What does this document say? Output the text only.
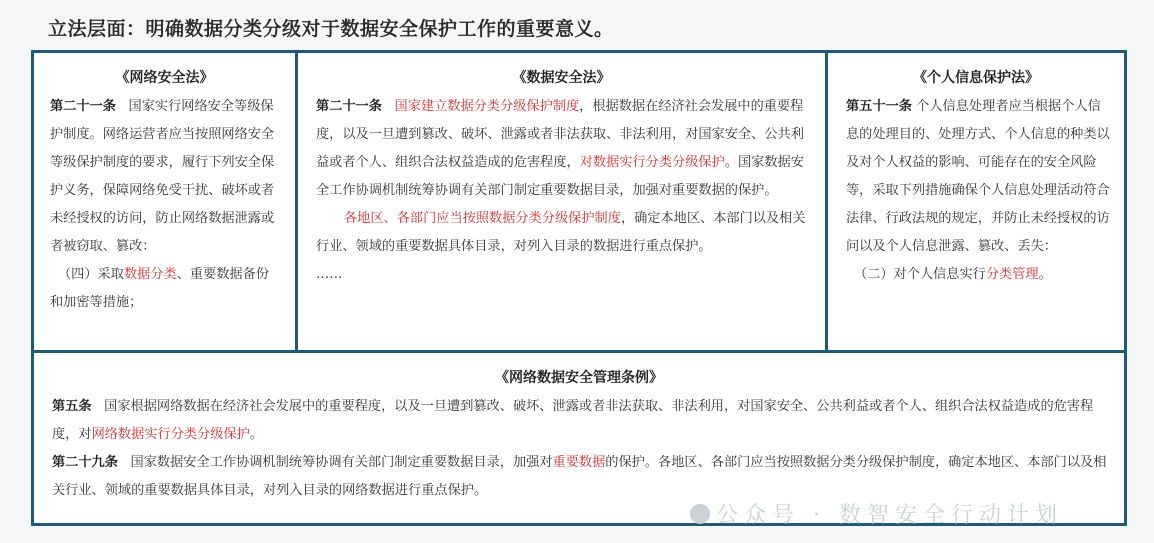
立法层面：明确数据分类分级对于数据安全保护工作的重要意义。
《网络安全法》
第二十一条 国家实行网络安全等级保护制度。网络运营者应当按照网络安全等级保护制度的要求，履行下列安全保护义务，保障网络免受干扰、破坏或者未经授权的访问，防止网络数据泄露或者被窃取、篡改：
（四）采取数据分类、重要数据备份和加密等措施；
《数据安全法》
第二十一条 国家建立数据分类分级保护制度，根据数据在经济社会发展中的重要程度，以及一旦遭到篡改、破坏、泄露或者非法获取、非法利用，对国家安全、公共利益或者个人、组织合法权益造成的危害程度，对数据实行分类分级保护。国家数据安全工作协调机制统筹协调有关部门制定重要数据目录，加强对重要数据的保护。
各地区、各部门应当按照数据分类分级保护制度，确定本地区、本部门以及相关行业、领域的重要数据具体目录，对列入目录的数据进行重点保护。
……
《个人信息保护法》
第五十一条 个人信息处理者应当根据个人信息的处理目的、处理方式、个人信息的种类以及对个人权益的影响、可能存在的安全风险等，采取下列措施确保个人信息处理活动符合法律、行政法规的规定，并防止未经授权的访问以及个人信息泄露、篡改、丢失：
（二）对个人信息实行分类管理。
《网络数据安全管理条例》
第五条 国家根据网络数据在经济社会发展中的重要程度，以及一旦遭到篡改、破坏、泄露或者非法获取、非法利用，对国家安全、公共利益或者个人、组织合法权益造成的危害程度，对网络数据实行分类分级保护。
第二十九条 国家数据安全工作协调机制统筹协调有关部门制定重要数据目录，加强对重要数据的保护。各地区、各部门应当按照数据分类分级保护制度，确定本地区、本部门以及相关行业、领域的重要数据具体目录，对列入目录的网络数据进行重点保护。
公众号 · 数智安全行动计划
